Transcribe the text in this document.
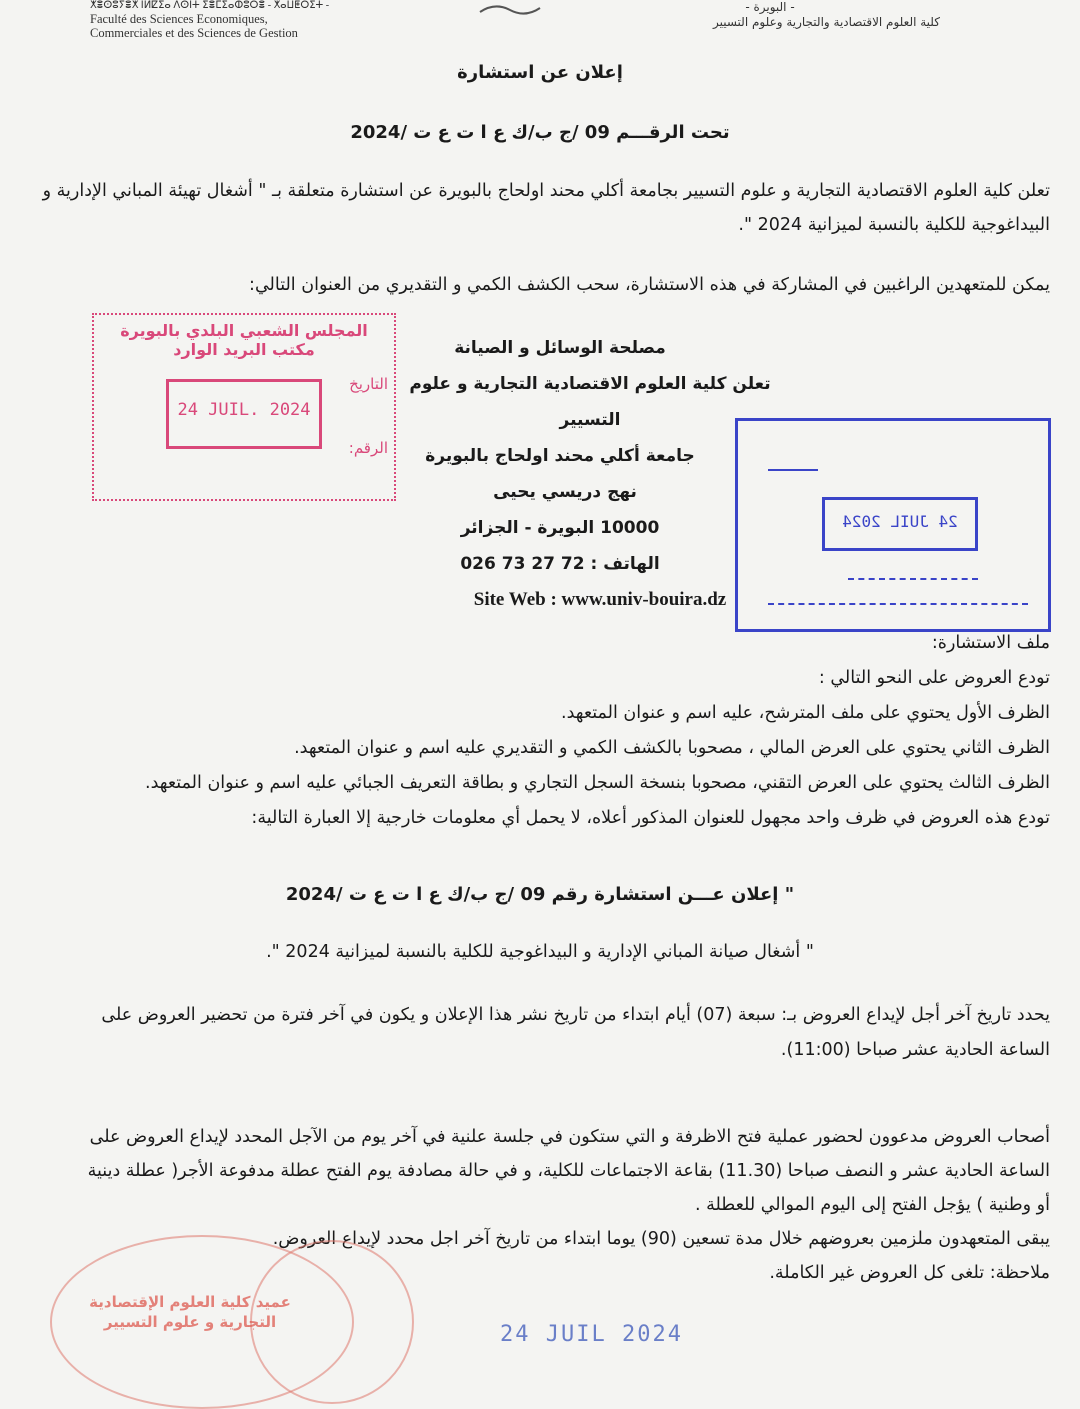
ⵅⴻⵙⵓⵢⴻⵅ ⵏⵍⵇⵉⴰ ⴷⵙⵏⵜ ⵉⴻⵎⵉⴰⵀⵓⵔⴻ - ⵅⴰⵡⵟⵔⵉⵜ -
Faculté des Sciences Economiques,
Commerciales et des Sciences de Gestion
- البويرة -
كلية العلوم الاقتصادية والتجارية وعلوم التسيير
إعلان عن استشارة
تحت الرقـــم 09 /ج ب/ك ع ا ت ع ت /2024
تعلن كلية العلوم الاقتصادية التجارية و علوم التسيير بجامعة أكلي محند اولحاج بالبويرة عن استشارة متعلقة بـ " أشغال تهيئة المباني الإدارية و البيداغوجية للكلية بالنسبة لميزانية 2024 ".
يمكن للمتعهدين الراغبين في المشاركة في هذه الاستشارة، سحب الكشف الكمي و التقديري من العنوان التالي:
مصلحة الوسائل و الصيانة
تعلن كلية العلوم الاقتصادية التجارية و علوم التسيير
جامعة أكلي محند اولحاج بالبويرة
نهج دريسي يحيى
10000 البويرة - الجزائر
الهاتف : 72 27 73 026
Site Web : www.univ-bouira.dz
المجلس الشعبي البلدي بالبويرة
مكتب البريد الوارد
التاريخ
24 JUIL. 2024
الرقم:
24 JUIL 2024
ملف الاستشارة:
تودع العروض على النحو التالي :
الظرف الأول يحتوي على ملف المترشح، عليه اسم و عنوان المتعهد.
الظرف الثاني يحتوي على العرض المالي ، مصحوبا بالكشف الكمي و التقديري عليه اسم و عنوان المتعهد.
الظرف الثالث يحتوي على العرض التقني، مصحوبا بنسخة السجل التجاري و بطاقة التعريف الجبائي عليه اسم و عنوان المتعهد.
تودع هذه العروض في ظرف واحد مجهول للعنوان المذكور أعلاه، لا يحمل أي معلومات خارجية إلا العبارة التالية:
" إعلان عـــن استشارة رقم 09 /ج ب/ك ع ا ت ع ت /2024
" أشغال صيانة المباني الإدارية و البيداغوجية للكلية بالنسبة لميزانية 2024 ".
يحدد تاريخ آخر أجل لإيداع العروض بـ: سبعة (07) أيام ابتداء من تاريخ نشر هذا الإعلان و يكون في آخر فترة من تحضير العروض على
الساعة الحادية عشر صباحا (11:00).
أصحاب العروض مدعوون لحضور عملية فتح الاظرفة و التي ستكون في جلسة علنية في آخر يوم من الآجل المحدد لإيداع العروض على
الساعة الحادية عشر و النصف صباحا (11.30) بقاعة الاجتماعات للكلية، و في حالة مصادفة يوم الفتح عطلة مدفوعة الأجر( عطلة دينية
أو وطنية ) يؤجل الفتح إلى اليوم الموالي للعطلة .
يبقى المتعهدون ملزمين بعروضهم خلال مدة تسعين (90) يوما ابتداء من تاريخ آخر اجل محدد لإيداع العروض.
ملاحظة: تلغى كل العروض غير الكاملة.
عميد كلية العلوم الإقتصادية
التجارية و علوم التسيير	24 JUIL 2024
